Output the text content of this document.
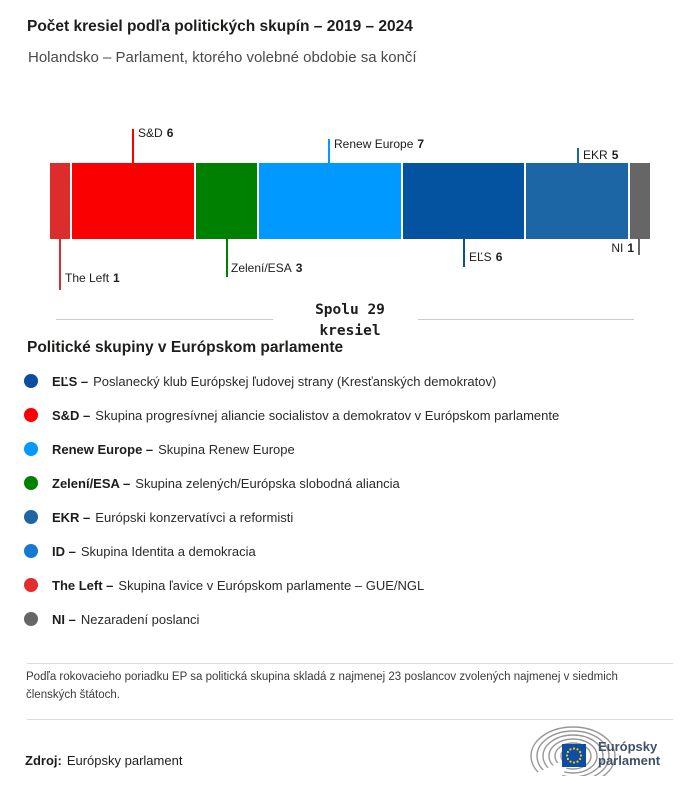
Počet kresiel podľa politických skupín – 2019 – 2024
Holandsko – Parlament, ktorého volebné obdobie sa končí
S&D 6
Renew Europe 7
EKR 5
The Left 1
Zelení/ESA 3
EĽS 6
NI 1
Spolu 29
kresiel
Politické skupiny v Európskom parlamente
EĽS – Poslanecký klub Európskej ľudovej strany (Kresťanských demokratov)
S&D – Skupina progresívnej aliancie socialistov a demokratov v Európskom parlamente
Renew Europe – Skupina Renew Europe
Zelení/ESA – Skupina zelených/Európska slobodná aliancia
EKR – Európski konzervatívci a reformisti
ID – Skupina Identita a demokracia
The Left – Skupina ľavice v Európskom parlamente – GUE/NGL
NI – Nezaradení poslanci
Podľa rokovacieho poriadku EP sa politická skupina skladá z najmenej 23 poslancov zvolených najmenej v siedmich členských štátoch.
Zdroj: Európsky parlament
Európsky
parlament
